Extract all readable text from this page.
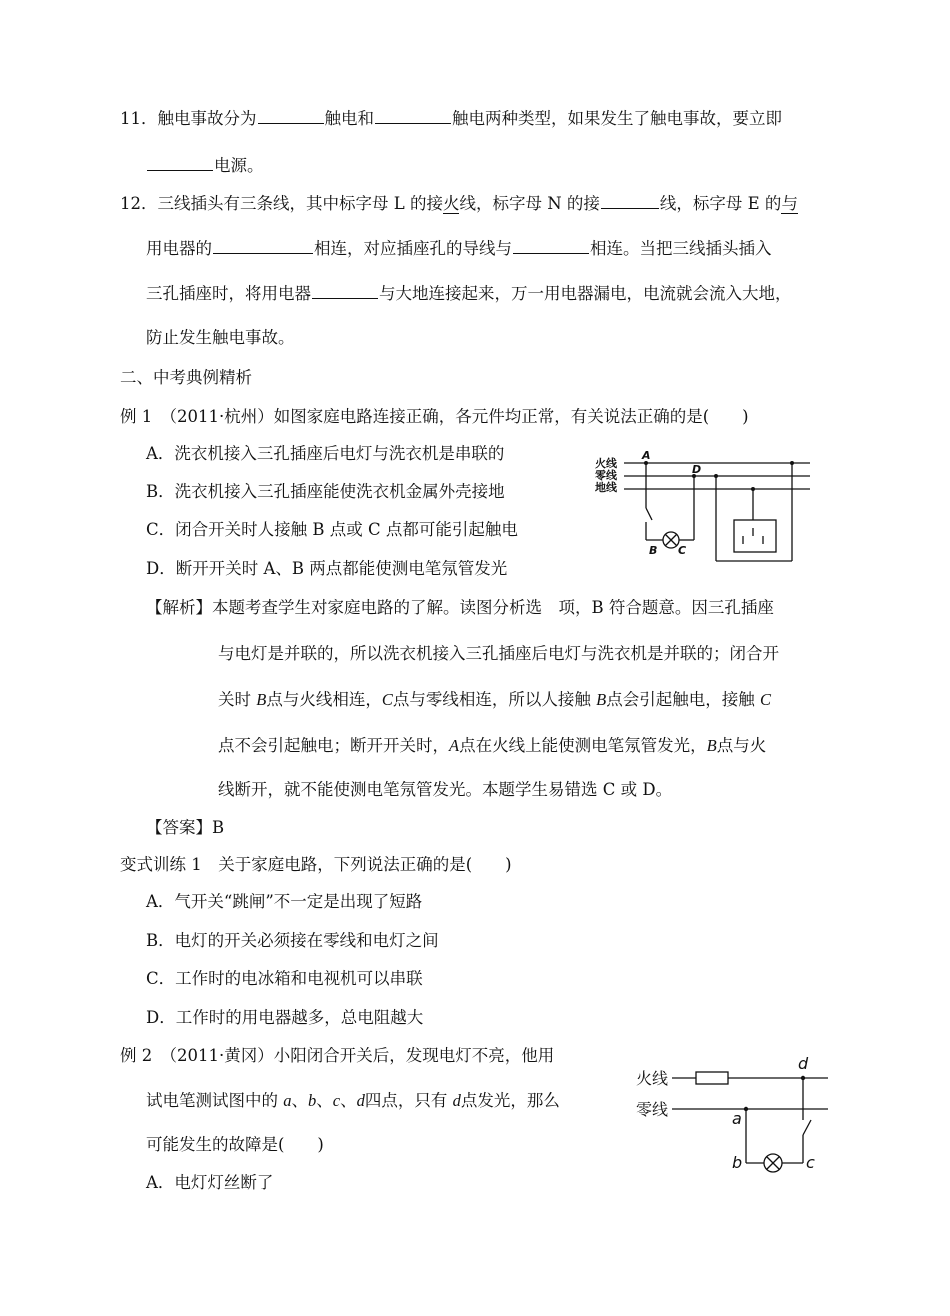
11．触电事故分为	触电和	触电两种类型，如果发生了触电事故，要立即
电源。
12．三线插头有三条线，其中标字母 L 的接火线，标字母 N 的接	线，标字母 E 的与
用电器的	相连，对应插座孔的导线与	相连。当把三线插头插入
三孔插座时，将用电器	与大地连接起来，万一用电器漏电，电流就会流入大地，
防止发生触电事故。
二、中考典例精析
例 1　（2011·杭州）如图家庭电路连接正确，各元件均正常，有关说法正确的是(　　)
A．洗衣机接入三孔插座后电灯与洗衣机是串联的
B．洗衣机接入三孔插座能使洗衣机金属外壳接地
C．闭合开关时人接触 B 点或 C 点都可能引起触电
D．断开开关时 A、B 两点都能使测电笔氖管发光
火线
零线
地线
A
D
B C
【解析】本题考查学生对家庭电路的了解。读图分析选　项，B 符合题意。因三孔插座
与电灯是并联的，所以洗衣机接入三孔插座后电灯与洗衣机是并联的；闭合开
关时 B点与火线相连，C点与零线相连，所以人接触 B点会引起触电，接触 C
点不会引起触电；断开开关时，A点在火线上能使测电笔氖管发光，B点与火
线断开，就不能使测电笔氖管发光。本题学生易错选 C 或 D。
【答案】B
变式训练 1　关于家庭电路，下列说法正确的是(　　)
A．气开关“跳闸”不一定是出现了短路
B．电灯的开关必须接在零线和电灯之间
C．工作时的电冰箱和电视机可以串联
D．工作时的用电器越多，总电阻越大
例 2　（2011·黄冈）小阳闭合开关后，发现电灯不亮，他用
试电笔测试图中的 a、b、c、d四点，只有 d点发光，那么
可能发生的故障是(　　)
A．电灯灯丝断了
火线
零线
d
a
b	c
